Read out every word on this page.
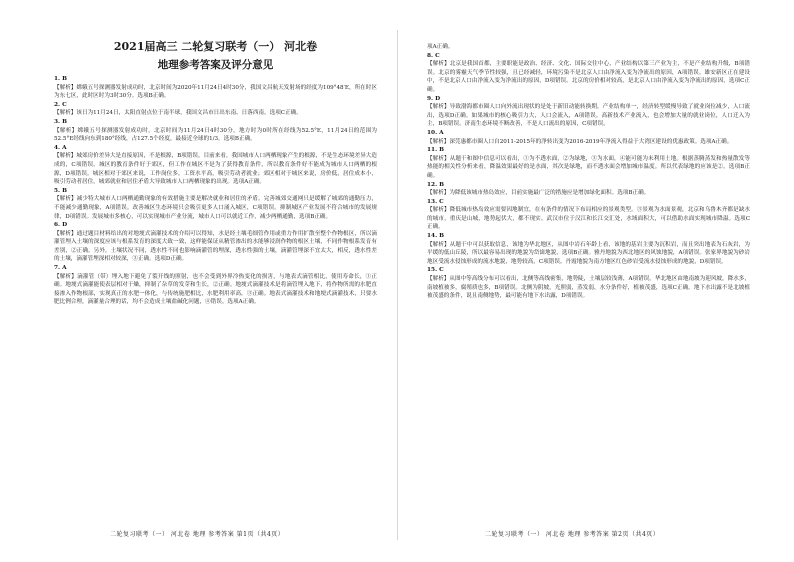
2021届高三 二轮复习联考（一） 河北卷

地理参考答案及评分意见

1. B
【解析】嫦娥五号探测器发射成功时，北京时间为2020年11月24日4时30分，我国文昌航天发射场的经度为109°48′E，所在时区为东七区，此时区时为3时30分。选项B正确。
2. C
【解析】该日为11月24日，太阳直射点位于南半球，我国文昌市日出东南、日落西南。选项C正确。
3. B
【解析】嫦娥五号探测器发射成功时，北京时间为11月24日4时30分，地方时为0时所在经线为52.5°E，11月24日的范围为52.5°E经线向东到180°经线，占127.5个经度，最接近全球的1/3。选项B正确。
4. A
【解析】城郊房价差异大是直接原因，不是根源，B项错误。目前来看，我国城市人口两栖现象产生的根源，不是生态环境差异大造成的，C项错误。城区的教育条件好于郊区，但工作在城区不是为了获得教育条件，所以教育条件好不能成为城市人口两栖的根源，D项错误。城区相对于郊区来说，工作岗位多，工资水平高，吸引劳动者就业；郊区相对于城区来说，房价低，居住成本小，吸引劳动者居住，城郊就业和居住矛盾大导致城市人口两栖现象的出现。选项A正确。
5. B
【解析】减少特大城市人口两栖通勤现象的有效措施主要是解决就业和居住的矛盾。完善城郊交通网只是缓解了城郊的通勤压力，不能减少通勤现象，A项错误。改善城区生态环境只会吸引更多人口涌入城区，C项错误。抑制城区产业发展不符合城市的发展规律，D项错误。发展城市多核心，可以实现城市产业分流，城市人口可以就近工作，减少两栖通勤，选项B正确。
6. D
【解析】通过题目材料给出的对地埂式滴灌技术的介绍可以得知，水是经土壤毛细管作用或重力作用扩散至整个作物根区，所以滴灌管埋入土壤的深度应该与根系发育的深度大致一致，这样能保证从精管渗出的水能够浸润作物的根区土壤，不同作物根系发育有差别，②正确。另外，土壤状况不同，透水性不同也影响滴灌管的埋深，透水性强的土壤，滴灌管埋深不宜太大，相反，透水性差的土壤，滴灌管埋深相对较深，③正确。选项D正确。
7. A
【解析】滴灌管（带）埋入地下避免了裂开线的照射，也不会受到外界冷热变化的损害，与地表式滴管相比，使用寿命长，①正确。地埂式滴灌能使表层相对干燥，抑制了杂草的发芽和生长，②正确。地埂式滴灌技术是将滴管埋入地下，将作物所需的水肥直接渗入作物根部，实现真正的水肥一体化，与传统施肥相比，水肥利用率高，③正确。地表式滴灌技术和地埂式滴灌技术，只要水肥比例合理，滴灌量合理的话，均不会造成土壤盐碱化问题，④错误。选项A正确。
项A正确。
8. C
【解析】北京是我国首都，主要职能是政治、经济、文化、国际交往中心，产业结构以第三产业为主，不是产业结构升级，B项错误。北京的雾霾天气季节性较强，且已经减轻，环境污染不是北京人口由净流入变为净流出的原因，A项错误。雄安新区正在建设中，不是北京人口由净流入变为净流出的原因，D项错误。北京的房价相对较高，是北京人口由净流入变为净流出的原因，选项C正确。
9. D
【解析】导致渤海都市圈人口向外流出现状的是处于新旧动能转换期，产业结构单一，经济转型缓慢导致了就业岗位减少，人口流出，选项D正确。如果城市的核心吸引力大，人口会流入，A项错误。高新技术产业流入，也会增加大量的就业岗位，人口迁入为主，B项错误。济南生态环境不断改善，不是人口流出的原因，C项错误。
10. A
【解析】深莞惠都市圈人口自2011-2015年的净转出变为2016-2019年净流入得益于大湾区建设的优惠政策。选项A正确。
11. B
【解析】从题干和图中信息可以看出，①为不透水面，②为绿地，③为水面，④能可能为未利用土地。根据蒸腾蒸发和热量散发等热能的相关性分析来看，降温效果最好的是水面，其次是绿地，而不透水面会增加城市温度。所以代表绿地的应该是②。选项B正确。
12. B
【解析】为降低该城市热岛效应，目前实施最广泛的措施应是增加绿化面积。选项B正确。
13. C
【解析】降低城市热岛效应需要因地制宜，在有条件的情况下布局相应的景观类型。③景观为水面景观，北京和乌鲁木齐都是缺水的城市，重庆是山城，地势起伏大，都不现实。武汉市位于汉江和长江交汇处，水域面积大，可以借助水面实现城市降温。选项C正确。
14. B
【解析】从题干中可以获取信息，该地为华北地区，从图中岩石年龄上看，该地的基岩主要为沉积岩，而且突出地表为石灰岩，为平缓的低山丘陵，所以最容易出现的地貌为岱崮地貌，选项B正确。雅丹地貌为西北地区的风蚀地貌，A项错误。张家界地貌为砂岩地区受流水侵蚀形成的流水地貌，地势较高，C项错误。丹霞地貌为南方地区红色砂岩受流水侵蚀形成的地貌，D项错误。
15. C
【解析】从图中等高线分布可以看出，北侧等高线密集，地势陡，土壤层较浅薄，A项错误。华北地区由地南坡为迎风坡，降水多，南坡植被多，腐殖质也多，B项错误。北侧为阴坡，光照弱，蒸发弱，水分条件好，植被茂盛，选项C正确。地下水出露不是北坡植被茂盛的条件，说且南侧地势，最可能有地下水出露，D项错误。
二轮复习联考（一） 河北卷 地理 参考答案 第1页（共4页）	二轮复习联考（一） 河北卷 地理 参考答案 第2页（共4页）
